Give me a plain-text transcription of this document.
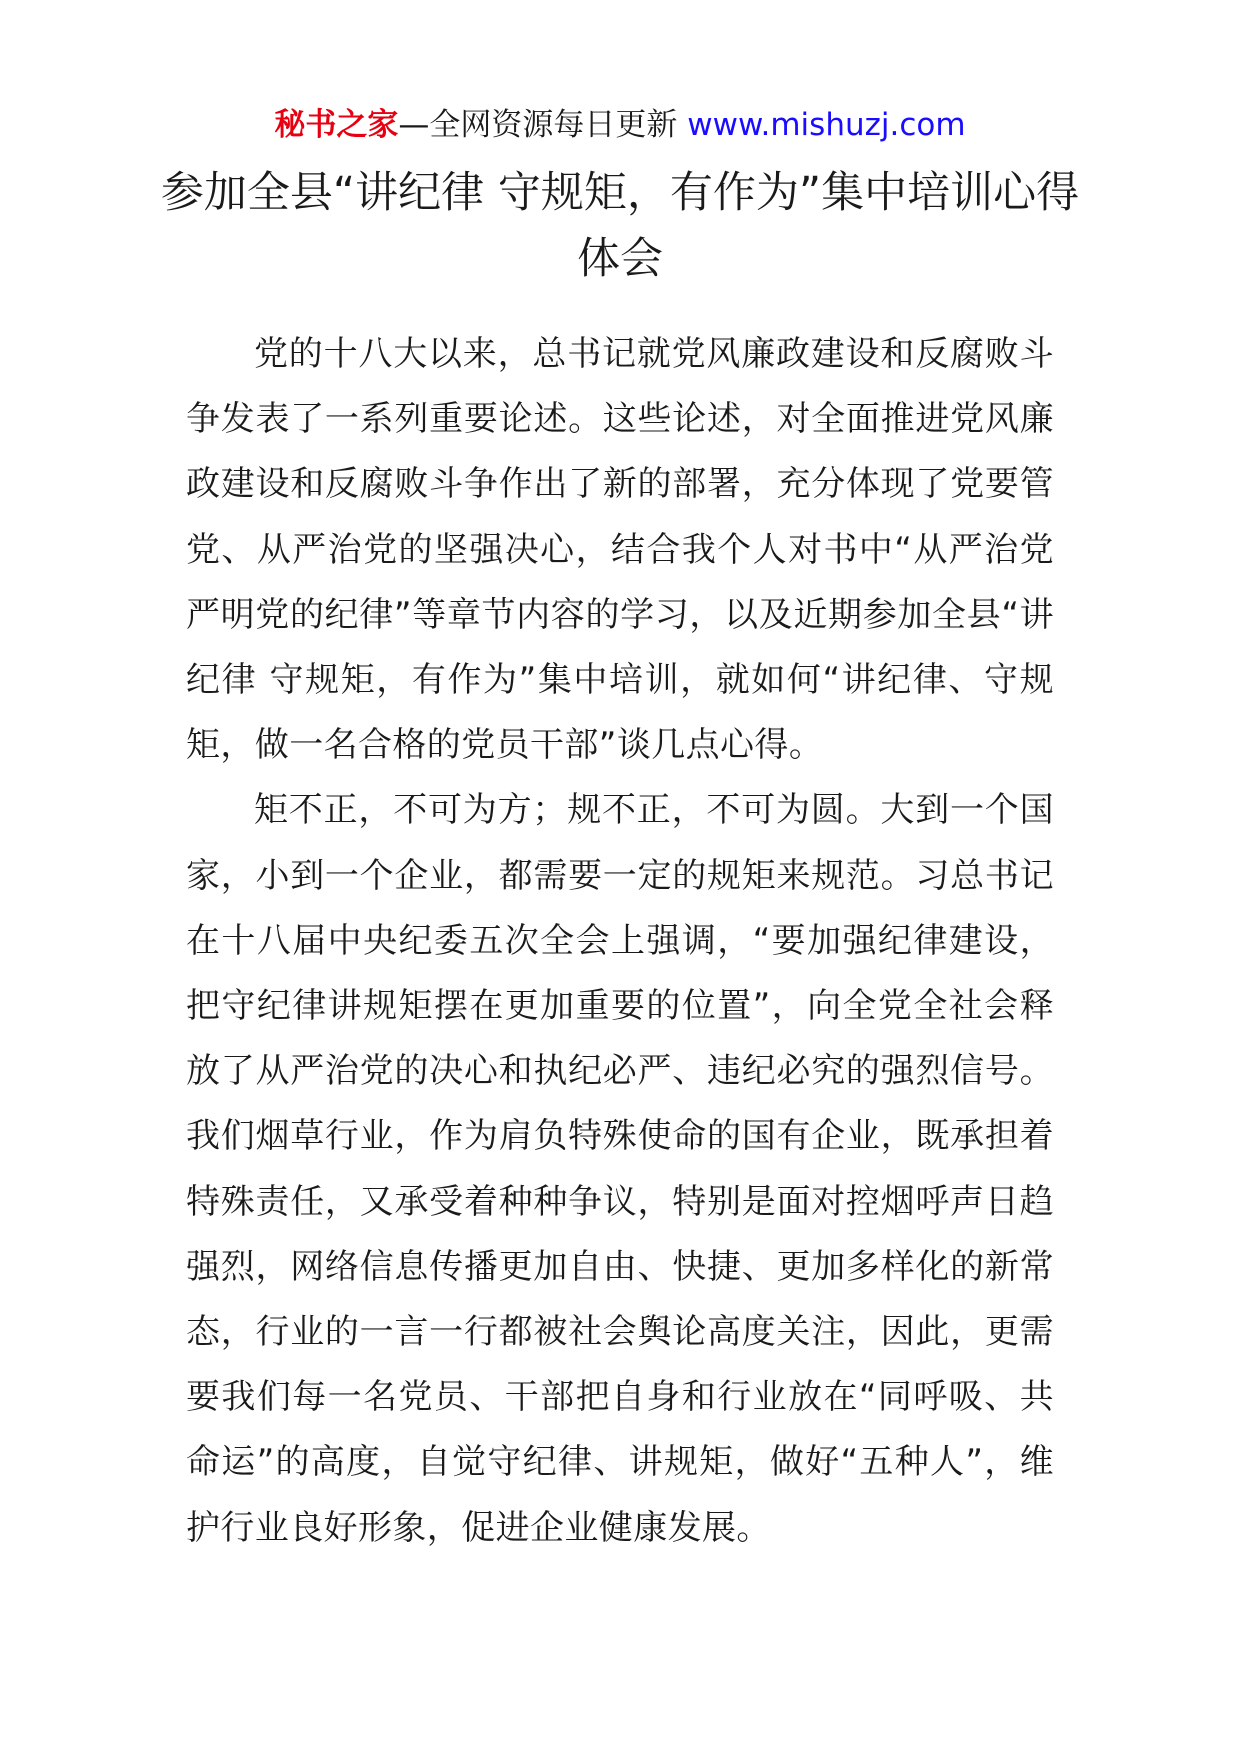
秘书之家—全网资源每日更新 www.mishuzj.com
参加全县“讲纪律 守规矩，有作为”集中培训心得体会

党的十八大以来，总书记就党风廉政建设和反腐败斗争发表了一系列重要论述。这些论述，对全面推进党风廉政建设和反腐败斗争作出了新的部署，充分体现了党要管党、从严治党的坚强决心，结合我个人对书中“从严治党严明党的纪律”等章节内容的学习，以及近期参加全县“讲纪律 守规矩，有作为”集中培训，就如何“讲纪律、守规矩，做一名合格的党员干部”谈几点心得。

矩不正，不可为方；规不正，不可为圆。大到一个国家，小到一个企业，都需要一定的规矩来规范。习总书记在十八届中央纪委五次全会上强调，“要加强纪律建设，把守纪律讲规矩摆在更加重要的位置”，向全党全社会释放了从严治党的决心和执纪必严、违纪必究的强烈信号。我们烟草行业，作为肩负特殊使命的国有企业，既承担着特殊责任，又承受着种种争议，特别是面对控烟呼声日趋强烈，网络信息传播更加自由、快捷、更加多样化的新常态，行业的一言一行都被社会舆论高度关注，因此，更需要我们每一名党员、干部把自身和行业放在“同呼吸、共命运”的高度，自觉守纪律、讲规矩，做好“五种人”，维护行业良好形象，促进企业健康发展。
